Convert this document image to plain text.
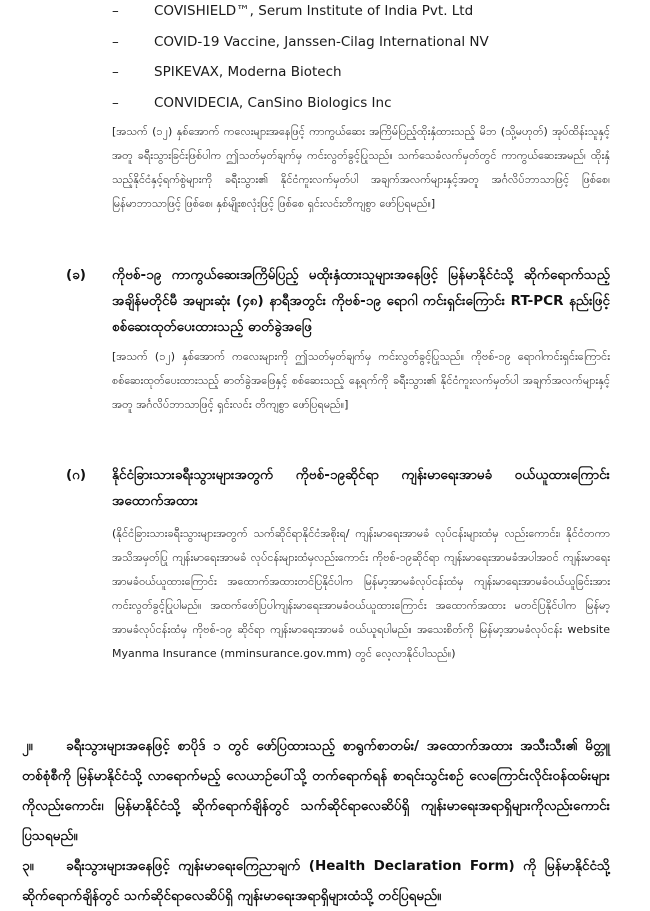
–	COVISHIELD™, Serum Institute of India Pvt. Ltd
–	COVID-19 Vaccine, Janssen-Cilag International NV
–	SPIKEVAX, Moderna Biotech
–	CONVIDECIA, CanSino Biologics Inc
[အသက် (၁၂) နှစ်အောက် ကလေးများအနေဖြင့် ကာကွယ်ဆေး အကြိမ်ပြည့်ထိုးနှံထားသည့် မိဘ (သို့မဟုတ်) အုပ်ထိန်းသူနှင့်အတူ ခရီးသွားခြင်းဖြစ်ပါက ဤသတ်မှတ်ချက်မှ ကင်းလွတ်ခွင့်ပြုသည်။ သက်သေခံလက်မှတ်တွင် ကာကွယ်ဆေးအမည်၊ ထိုးနှံသည့်နိုင်ငံနှင့်ရက်စွဲများကို ခရီးသွား၏ နိုင်ငံကူးလက်မှတ်ပါ အချက်အလက်များနှင့်အတူ အင်္ဂလိပ်ဘာသာဖြင့် ဖြစ်စေ၊ မြန်မာဘာသာဖြင့် ဖြစ်စေ၊ နှစ်မျိုးစလုံးဖြင့် ဖြစ်စေ ရှင်းလင်းတိကျစွာ ဖော်ပြရမည်။]
(ခ) ကိုဗစ်-၁၉ ကာကွယ်ဆေးအကြိမ်ပြည့် မထိုးနှံထားသူများအနေဖြင့် မြန်မာနိုင်ငံသို့ ဆိုက်ရောက်သည့် အချိန်မတိုင်မီ အများဆုံး (၄၈) နာရီအတွင်း ကိုဗစ်-၁၉ ရောဂါ ကင်းရှင်းကြောင်း RT-PCR နည်းဖြင့် စစ်ဆေးထုတ်ပေးထားသည့် ဓာတ်ခွဲအဖြေ
[အသက် (၁၂) နှစ်အောက် ကလေးများကို ဤသတ်မှတ်ချက်မှ ကင်းလွတ်ခွင့်ပြုသည်။ ကိုဗစ်-၁၉ ရောဂါကင်းရှင်းကြောင်း စစ်ဆေးထုတ်ပေးထားသည့် ဓာတ်ခွဲအဖြေနှင့် စစ်ဆေးသည့် နေ့ရက်ကို ခရီးသွား၏ နိုင်ငံကူးလက်မှတ်ပါ အချက်အလက်များနှင့်အတူ အင်္ဂလိပ်ဘာသာဖြင့် ရှင်းလင်း တိကျစွာ ဖော်ပြရမည်။]
(ဂ) နိုင်ငံခြားသားခရီးသွားများအတွက် ကိုဗစ်-၁၉ဆိုင်ရာ ကျန်းမာရေးအာမခံ ဝယ်ယူထားကြောင်း အထောက်အထား
(နိုင်ငံခြားသားခရီးသွားများအတွက် သက်ဆိုင်ရာနိုင်ငံအစိုးရ/ ကျန်းမာရေးအာမခံ လုပ်ငန်းများထံမှ လည်းကောင်း၊ နိုင်ငံတကာအသိအမှတ်ပြု ကျန်းမာရေးအာမခံ လုပ်ငန်းများထံမှလည်းကောင်း ကိုဗစ်-၁၉ဆိုင်ရာ ကျန်းမာရေးအာမခံအပါအဝင် ကျန်းမာရေးအာမခံဝယ်ယူထားကြောင်း အထောက်အထားတင်ပြနိုင်ပါက မြန်မာ့အာမခံလုပ်ငန်းထံမှ ကျန်းမာရေးအာမခံဝယ်ယူခြင်းအား ကင်းလွတ်ခွင့်ပြုပါမည်။ အထက်ဖော်ပြပါကျန်းမာရေးအာမခံဝယ်ယူထားကြောင်း အထောက်အထား မတင်ပြနိုင်ပါက မြန်မာ့အာမခံလုပ်ငန်းထံမှ ကိုဗစ်-၁၉ ဆိုင်ရာ ကျန်းမာရေးအာမခံ ဝယ်ယူရပါမည်။ အသေးစိတ်ကို မြန်မာ့အာမခံလုပ်ငန်း website Myanma Insurance (mminsurance.gov.mm) တွင် လေ့လာနိုင်ပါသည်။)
၂။	ခရီးသွားများအနေဖြင့် စာပိုဒ် ၁ တွင် ဖော်ပြထားသည့် စာရွက်စာတမ်း/ အထောက်အထား အသီးသီး၏ မိတ္တူတစ်စုံစီကို မြန်မာနိုင်ငံသို့ လာရောက်မည့် လေယာဉ်ပေါ်သို့ တက်ရောက်ရန် စာရင်းသွင်းစဉ် လေကြောင်းလိုင်းဝန်ထမ်းများကိုလည်းကောင်း၊ မြန်မာနိုင်ငံသို့ ဆိုက်ရောက်ချိန်တွင် သက်ဆိုင်ရာလေဆိပ်ရှိ ကျန်းမာရေးအရာရှိများကိုလည်းကောင်း ပြသရမည်။
၃။	ခရီးသွားများအနေဖြင့် ကျန်းမာရေးကြေညာချက် (Health Declaration Form) ကို မြန်မာနိုင်ငံသို့ ဆိုက်ရောက်ချိန်တွင် သက်ဆိုင်ရာလေဆိပ်ရှိ ကျန်းမာရေးအရာရှိများထံသို့ တင်ပြရမည်။
